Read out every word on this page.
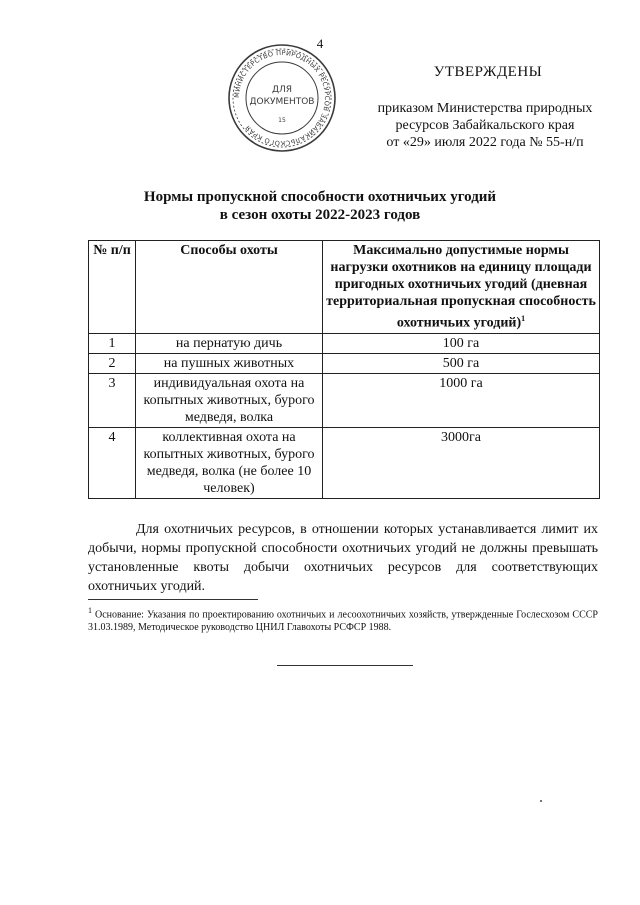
4
МИНИСТЕРСТВО ПРИРОДНЫХ РЕСУРСОВ ЗАБАЙКАЛЬСКОГО КРАЯ
ДЛЯ
ДОКУМЕНТОВ
15
УТВЕРЖДЕНЫ
приказом Министерства природных
ресурсов Забайкальского края
от «29» июля 2022 года № 55-н/п
Нормы пропускной способности охотничьих угодий
в сезон охоты 2022-2023 годов
№ п/п	Способы охоты	Максимально допустимые нормы нагрузки охотников на единицу площади пригодных охотничьих угодий (дневная территориальная пропускная способность охотничьих угодий)$^1$
1	на пернатую дичь	100 га
2	на пушных животных	500 га
3	индивидуальная охота на копытных животных, бурого медведя, волка	1000 га
4	коллективная охота на копытных животных, бурого медведя, волка (не более 10 человек)	3000га
Для охотничьих ресурсов, в отношении которых устанавливается лимит их добычи, нормы пропускной способности охотничьих угодий не должны превышать установленные квоты добычи охотничьих ресурсов для соответствующих охотничьих угодий.
$^1$ Основание: Указания по проектированию охотничьих и лесоохотничьих хозяйств, утвержденные Гослесхозом СССР 31.03.1989, Методическое руководство ЦНИЛ Главохоты РСФСР 1988.
